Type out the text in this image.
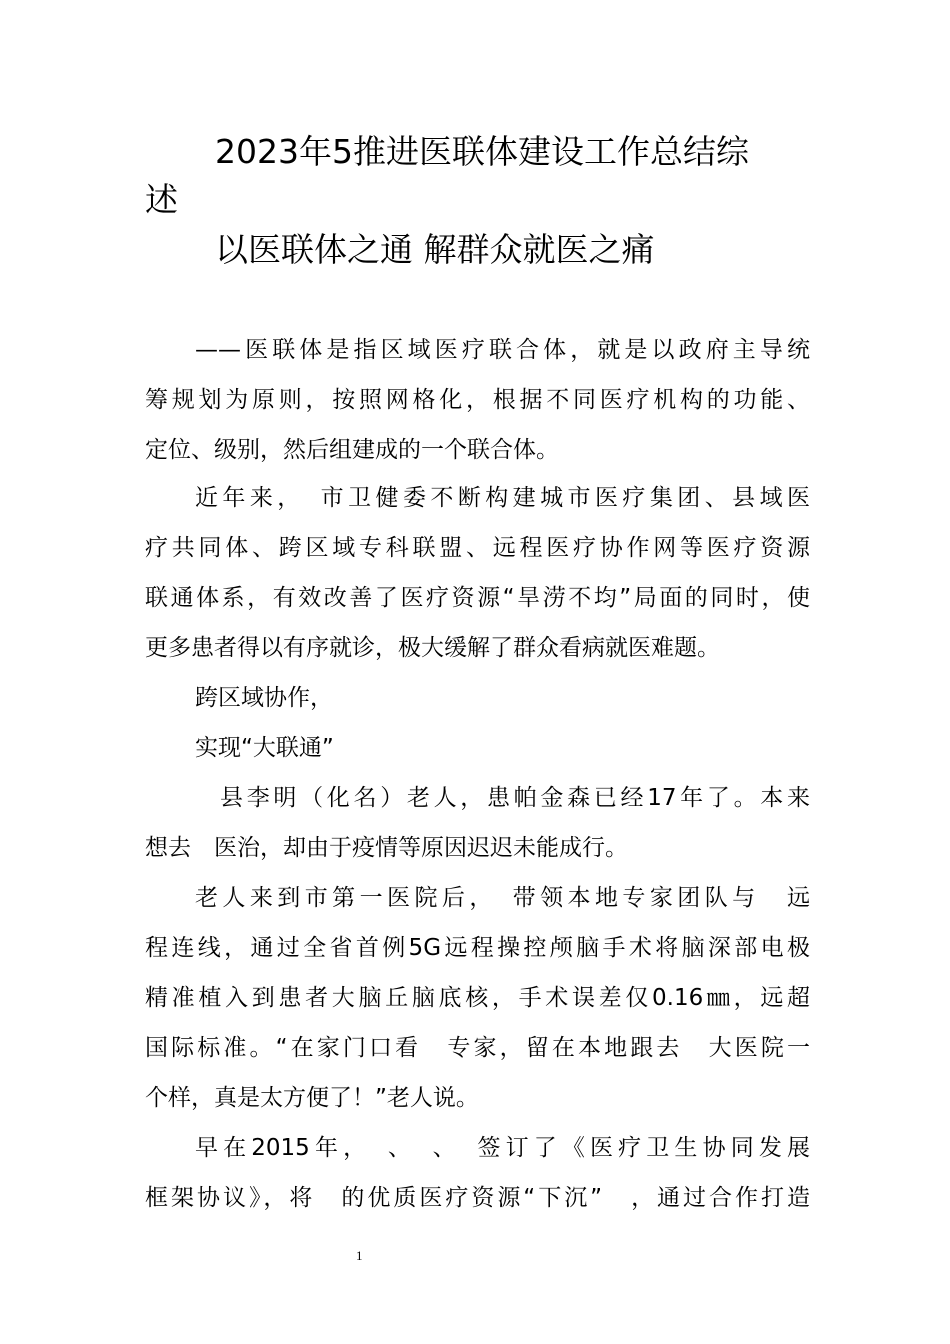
2023年5推进医联体建设工作总结综
述
以医联体之通 解群众就医之痛
——医联体是指区域医疗联合体，就是以政府主导统
筹规划为原则，按照网格化，根据不同医疗机构的功能、
定位、级别，然后组建成的一个联合体。
近年来，　市卫健委不断构建城市医疗集团、县域医
疗共同体、跨区域专科联盟、远程医疗协作网等医疗资源
联通体系，有效改善了医疗资源“旱涝不均”局面的同时，使
更多患者得以有序就诊，极大缓解了群众看病就医难题。
跨区域协作，
实现“大联通”
县李明（化名）老人，患帕金森已经17年了。本来
想去　医治，却由于疫情等原因迟迟未能成行。
老人来到市第一医院后，　带领本地专家团队与　远
程连线，通过全省首例5G远程操控颅脑手术将脑深部电极
精准植入到患者大脑丘脑底核，手术误差仅0.16㎜，远超
国际标准。“在家门口看　专家，留在本地跟去　大医院一
个样，真是太方便了！”老人说。
早在2015年，　、　、　签订了《医疗卫生协同发展
框架协议》，将　的优质医疗资源“下沉”　，通过合作打造
1
